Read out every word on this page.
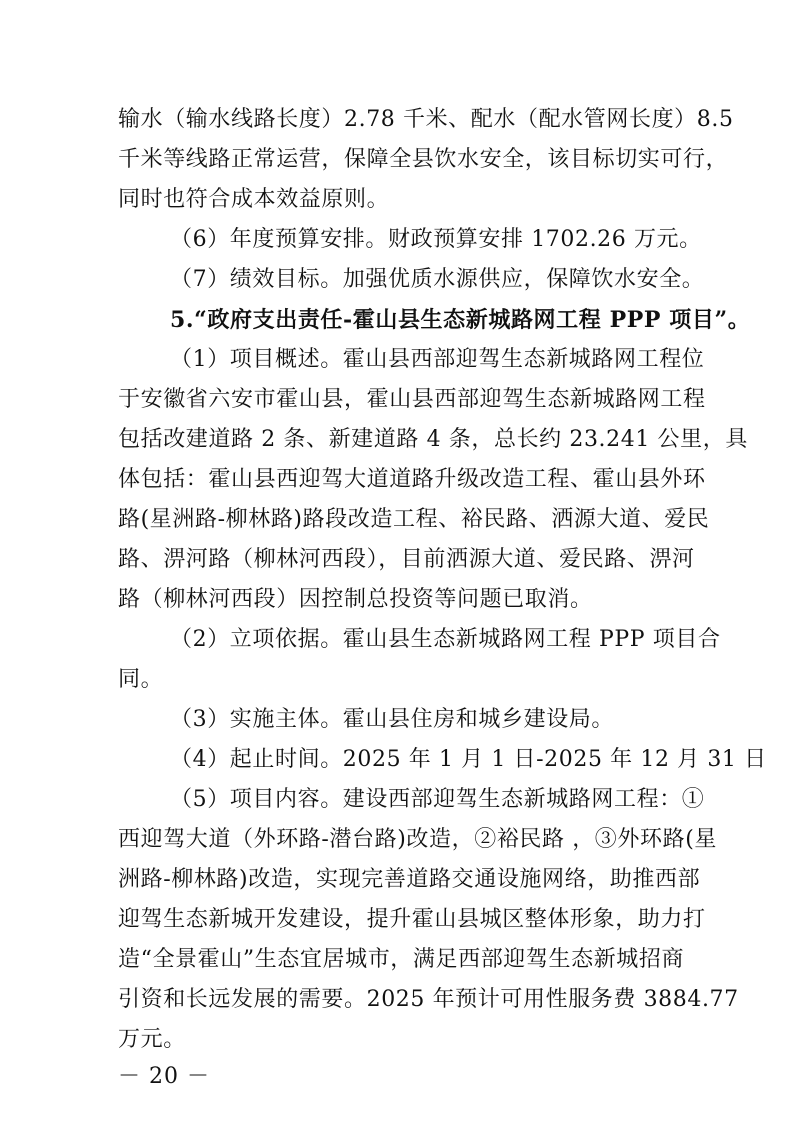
输水（输水线路长度）2.78 千米、配水（配水管网长度）8.5
千米等线路正常运营，保障全县饮水安全，该目标切实可行，
同时也符合成本效益原则。
（6）年度预算安排。财政预算安排 1702.26 万元。
（7）绩效目标。加强优质水源供应，保障饮水安全。
5.“政府支出责任-霍山县生态新城路网工程 PPP 项目”。
（1）项目概述。霍山县西部迎驾生态新城路网工程位
于安徽省六安市霍山县，霍山县西部迎驾生态新城路网工程
包括改建道路 2 条、新建道路 4 条，总长约 23.241 公里，具
体包括：霍山县西迎驾大道道路升级改造工程、霍山县外环
路(星洲路-柳林路)路段改造工程、裕民路、洒源大道、爱民
路、淠河路（柳林河西段），目前洒源大道、爱民路、淠河
路（柳林河西段）因控制总投资等问题已取消。
（2）立项依据。霍山县生态新城路网工程 PPP 项目合
同。
（3）实施主体。霍山县住房和城乡建设局。
（4）起止时间。2025 年 1 月 1 日-2025 年 12 月 31 日
（5）项目内容。建设西部迎驾生态新城路网工程：①
西迎驾大道（外环路-潜台路)改造，②裕民路 ，③外环路(星
洲路-柳林路)改造，实现完善道路交通设施网络，助推西部
迎驾生态新城开发建设，提升霍山县城区整体形象，助力打
造“全景霍山”生态宜居城市，满足西部迎驾生态新城招商
引资和长远发展的需要。2025 年预计可用性服务费 3884.77
万元。
－ 20 －
